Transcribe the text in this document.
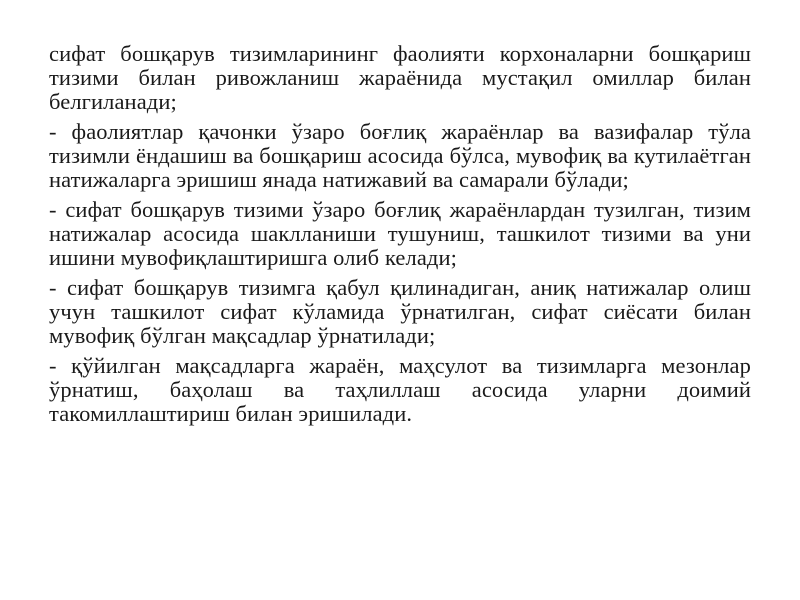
сифат бошқарув тизимларининг фаолияти корхоналарни бошқариш тизими билан ривожланиш жараёнида мустақил омиллар билан белгиланади;

- фаолиятлар қачонки ўзаро боғлиқ жараёнлар ва вазифалар тўла тизимли ёндашиш ва бошқариш асосида бўлса, мувофиқ ва кутилаётган натижаларга эришиш янада натижавий ва самарали бўлади;

- сифат бошқарув тизими ўзаро боғлиқ жараёнлардан тузилган, тизим натижалар асосида шаклланиши тушуниш, ташкилот тизими ва уни ишини мувофиқлаштиришга олиб келади;

- сифат бошқарув тизимга қабул қилинадиган, аниқ натижалар олиш учун ташкилот сифат кўламида ўрнатилган, сифат сиёсати билан мувофиқ бўлган мақсадлар ўрнатилади;

- қўйилган мақсадларга жараён, маҳсулот ва тизимларга мезонлар ўрнатиш, баҳолаш ва таҳлиллаш асосида уларни доимий такомиллаштириш билан эришилади.
